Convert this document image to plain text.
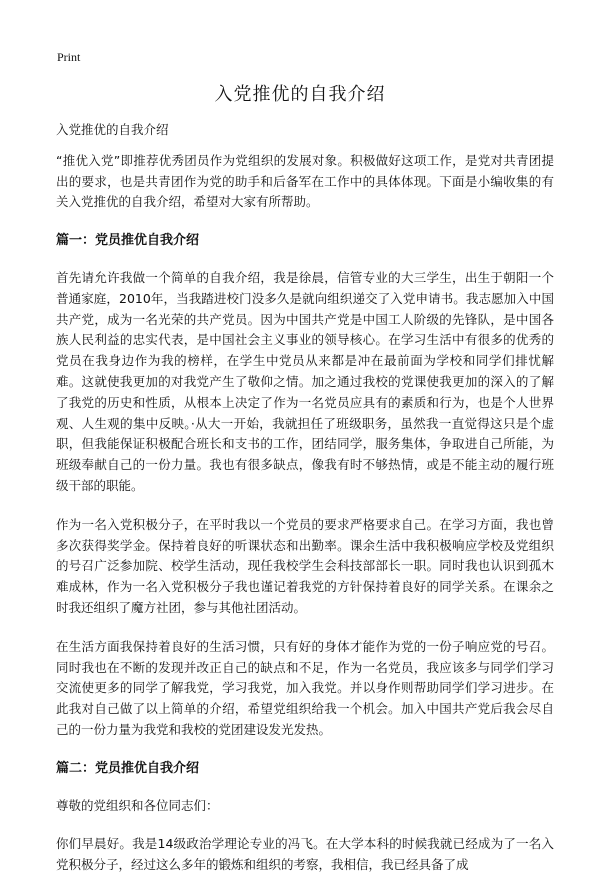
Print
入党推优的自我介绍

入党推优的自我介绍

“推优入党”即推荐优秀团员作为党组织的发展对象。积极做好这项工作，是党对共青团提出的要求，也是共青团作为党的助手和后备军在工作中的具体体现。下面是小编收集的有关入党推优的自我介绍，希望对大家有所帮助。

篇一：党员推优自我介绍

首先请允许我做一个简单的自我介绍，我是徐晨，信管专业的大三学生，出生于朝阳一个普通家庭，2010年，当我踏进校门没多久是就向组织递交了入党申请书。我志愿加入中国共产党，成为一名光荣的共产党员。因为中国共产党是中国工人阶级的先锋队，是中国各族人民利益的忠实代表，是中国社会主义事业的领导核心。在学习生活中有很多的优秀的党员在我身边作为我的榜样，在学生中党员从来都是冲在最前面为学校和同学们排忧解难。这就使我更加的对我党产生了敬仰之情。加之通过我校的党课使我更加的深入的了解了我党的历史和性质，从根本上决定了作为一名党员应具有的素质和行为，也是个人世界观、人生观的集中反映。·从大一开始，我就担任了班级职务，虽然我一直觉得这只是个虚职，但我能保证积极配合班长和支书的工作，团结同学，服务集体，争取进自己所能，为班级奉献自己的一份力量。我也有很多缺点，像我有时不够热情，或是不能主动的履行班级干部的职能。

作为一名入党积极分子，在平时我以一个党员的要求严格要求自己。在学习方面，我也曾多次获得奖学金。保持着良好的听课状态和出勤率。课余生活中我积极响应学校及党组织的号召广泛参加院、校学生活动，现任我校学生会科技部部长一职。同时我也认识到孤木难成林，作为一名入党积极分子我也谨记着我党的方针保持着良好的同学关系。在课余之时我还组织了魔方社团，参与其他社团活动。

在生活方面我保持着良好的生活习惯，只有好的身体才能作为党的一份子响应党的号召。同时我也在不断的发现并改正自己的缺点和不足，作为一名党员，我应该多与同学们学习交流使更多的同学了解我党，学习我党，加入我党。并以身作则帮助同学们学习进步。在此我对自己做了以上简单的介绍，希望党组织给我一个机会。加入中国共产党后我会尽自己的一份力量为我党和我校的党团建设发光发热。

篇二：党员推优自我介绍

尊敬的党组织和各位同志们：

你们早晨好。我是14级政治学理论专业的冯飞。在大学本科的时候我就已经成为了一名入党积极分子，经过这么多年的锻炼和组织的考察，我相信，我已经具备了成
